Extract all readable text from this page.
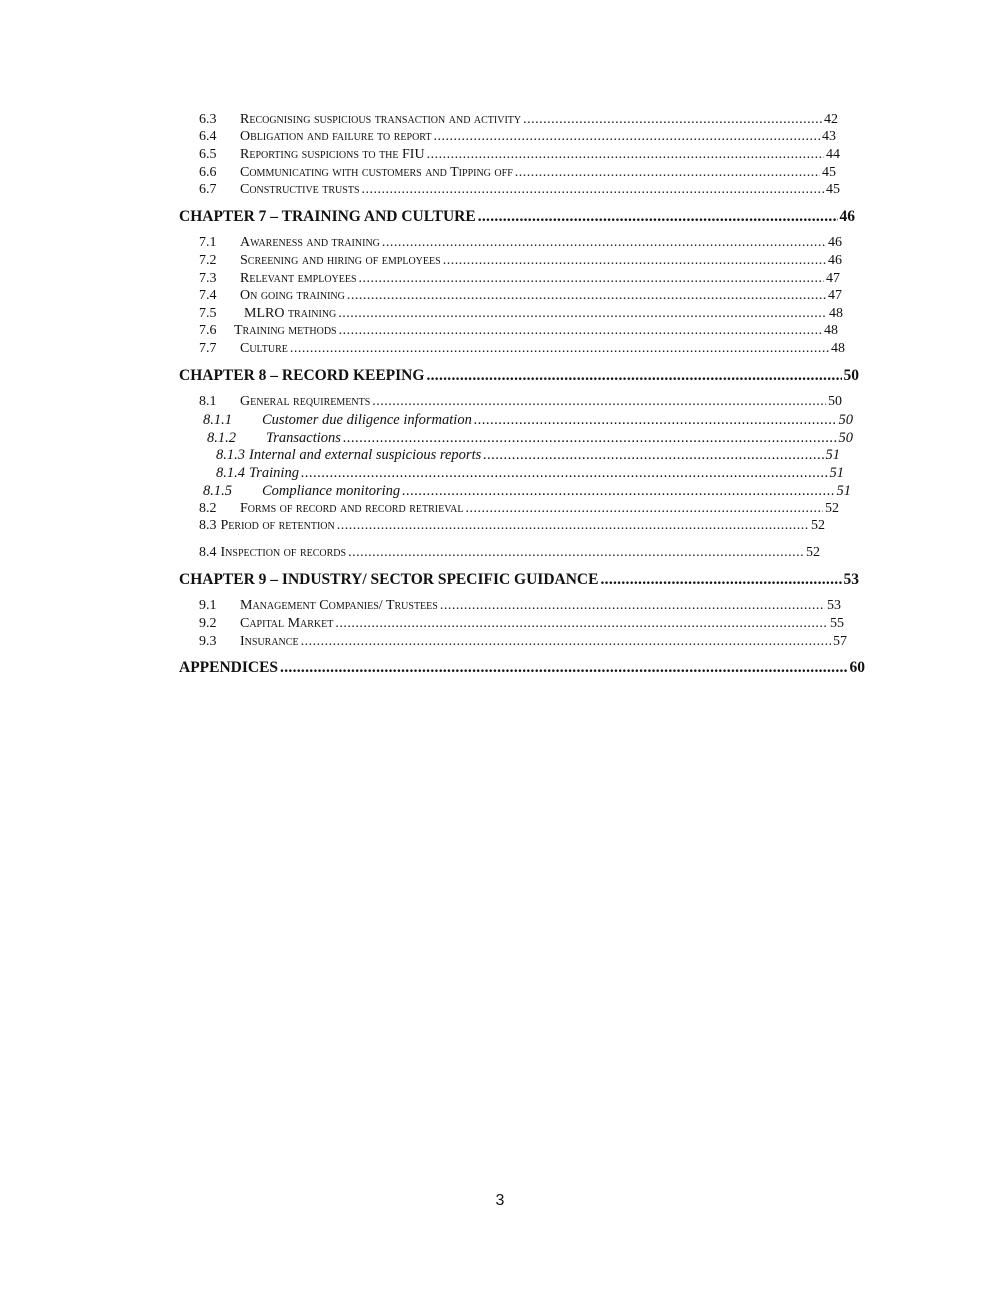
6.3	Recognising suspicious transaction and activity .....	42
6.4	Obligation and failure to report .....	43
6.5	Reporting suspicions to the FIU .....	44
6.6	Communicating with customers and Tipping off .....	45
6.7	Constructive trusts .....	45
CHAPTER 7 – TRAINING AND CULTURE .....	46
7.1	Awareness and training .....	46
7.2	Screening and hiring of employees .....	46
7.3	Relevant employees .....	47
7.4	On going training .....	47
7.5	MLRO training .....	48
7.6	Training methods .....	48
7.7	Culture .....	48
CHAPTER 8 – RECORD KEEPING .....	50
8.1	General requirements .....	50
8.1.1	Customer due diligence information .....	50
8.1.2	Transactions .....	50
8.1.3 Internal and external suspicious reports .....	51
8.1.4 Training .....	51
8.1.5	Compliance monitoring .....	51
8.2	Forms of record and record retrieval .....	52
8.3 Period of retention .....	52
8.4 Inspection of records .....	52
CHAPTER 9 – INDUSTRY/ SECTOR SPECIFIC GUIDANCE .....	53
9.1	Management Companies/ Trustees .....	53
9.2	Capital Market .....	55
9.3	Insurance .....	57
APPENDICES .....	60
3
